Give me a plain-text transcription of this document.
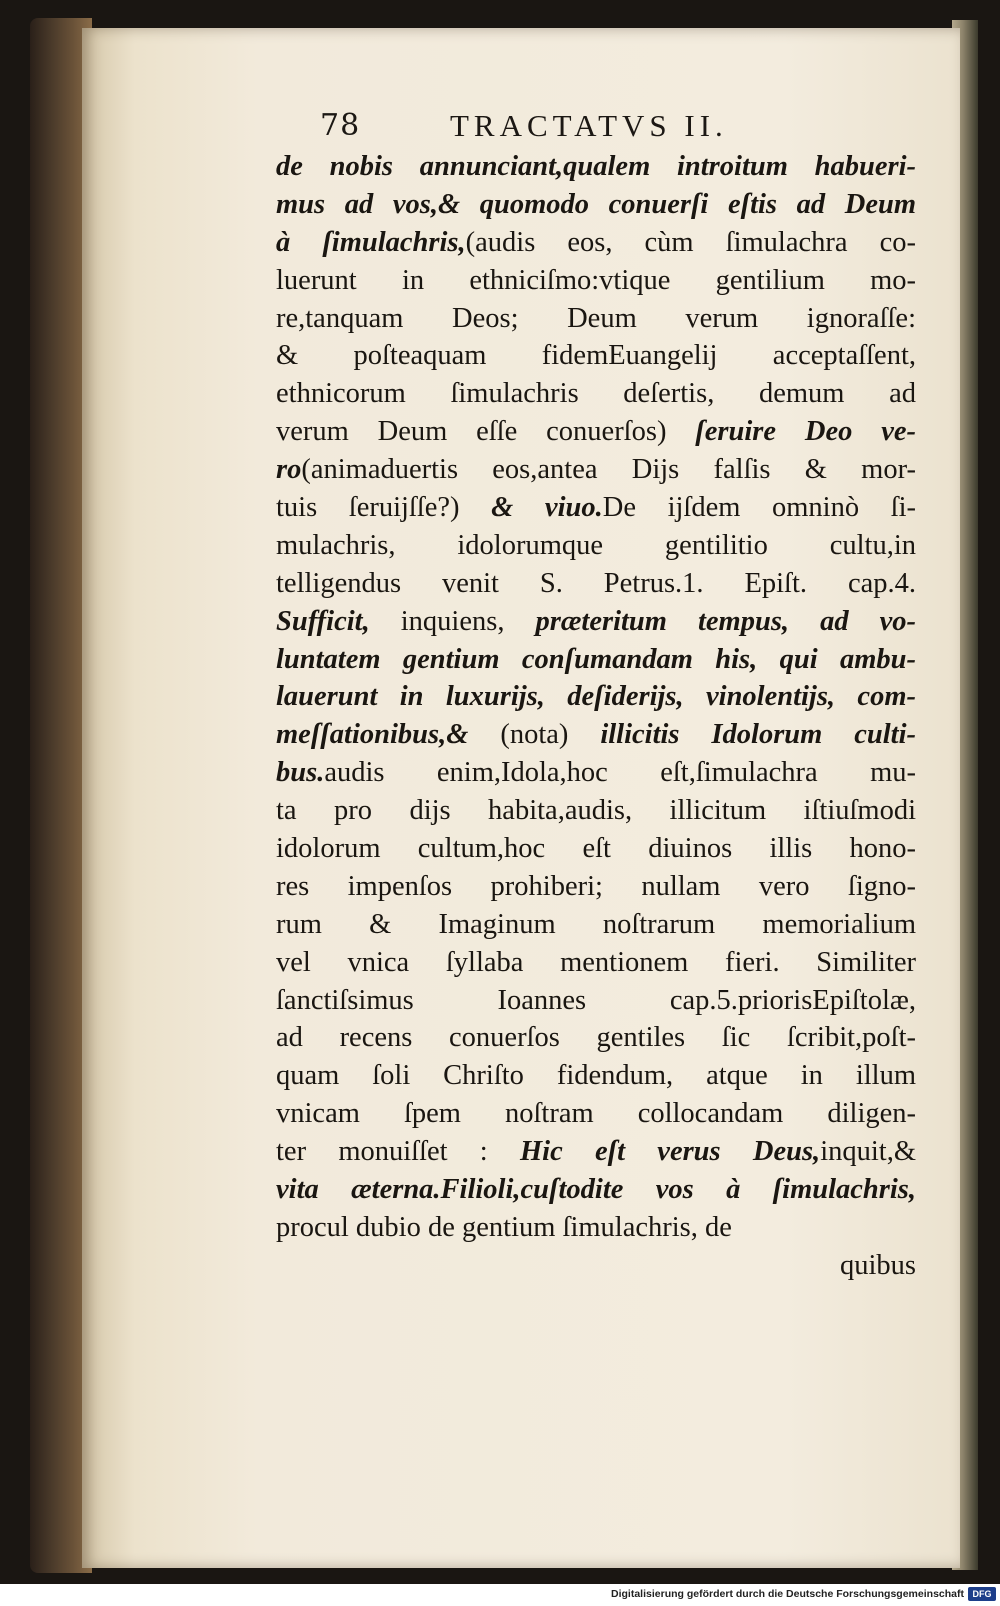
78	TRACTATVS II.
de nobis annunciant,qualem introitum habueri-
mus ad vos,& quomodo conuerſi eſtis ad Deum
à ſimulachris,(audis eos, cùm ſimulachra co-
luerunt in ethniciſmo:vtique gentilium mo-
re,tanquam Deos; Deum verum ignoraſſe:
& poſteaquam fidemEuangelij acceptaſſent,
ethnicorum ſimulachris deſertis, demum ad
verum Deum eſſe conuerſos) ſeruire Deo ve-
ro(animaduertis eos,antea Dijs falſis & mor-
tuis ſeruijſſe?) & viuo.De ijſdem omninò ſi-
mulachris, idolorumque gentilitio cultu,in
telligendus venit S. Petrus.1. Epiſt. cap.4.
Sufficit, inquiens, præteritum tempus, ad vo-
luntatem gentium conſumandam his, qui ambu-
lauerunt in luxurijs, deſiderijs, vinolentijs, com-
meſſationibus,& (nota) illicitis Idolorum culti-
bus.audis enim,Idola,hoc eſt,ſimulachra mu-
ta pro dijs habita,audis, illicitum iſtiuſmodi
idolorum cultum,hoc eſt diuinos illis hono-
res impenſos prohiberi; nullam vero ſigno-
rum & Imaginum noſtrarum memorialium
vel vnica ſyllaba mentionem fieri. Similiter
ſanctiſsimus Ioannes cap.5.priorisEpiſtolæ,
ad recens conuerſos gentiles ſic ſcribit,poſt-
quam ſoli Chriſto fidendum, atque in illum
vnicam ſpem noſtram collocandam diligen-
ter monuiſſet : Hic eſt verus Deus,inquit,&
vita æterna.Filioli,cuſtodite vos à ſimulachris,
procul dubio de gentium ſimulachris, de
quibus
Digitalisierung gefördert durch die Deutsche Forschungsgemeinschaft DFG
